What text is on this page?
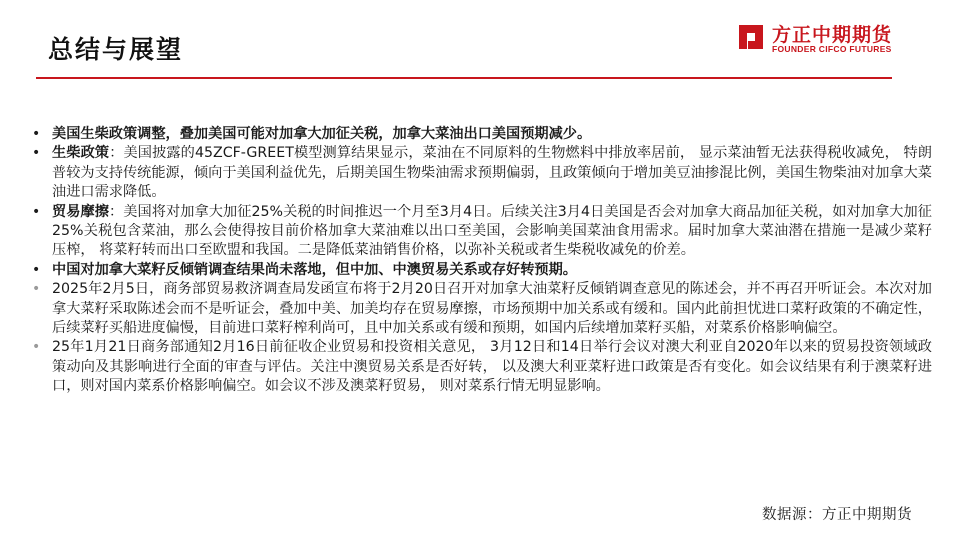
总结与展望	方正中期期货
FOUNDER CIFCO FUTURES
• 美国生柴政策调整，叠加美国可能对加拿大加征关税，加拿大菜油出口美国预期减少。
• 生柴政策：美国披露的45ZCF-GREET模型测算结果显示，菜油在不同原料的生物燃料中排放率居前， 显示菜油暂无法获得税收减免， 特朗普较为支持传统能源，倾向于美国利益优先，后期美国生物柴油需求预期偏弱，且政策倾向于增加美豆油掺混比例，美国生物柴油对加拿大菜油进口需求降低。
• 贸易摩擦：美国将对加拿大加征25%关税的时间推迟一个月至3月4日。后续关注3月4日美国是否会对加拿大商品加征关税，如对加拿大加征25%关税包含菜油，那么会使得按目前价格加拿大菜油难以出口至美国，会影响美国菜油食用需求。届时加拿大菜油潜在措施一是减少菜籽压榨， 将菜籽转而出口至欧盟和我国。二是降低菜油销售价格，以弥补关税或者生柴税收减免的价差。
• 中国对加拿大菜籽反倾销调查结果尚未落地，但中加、中澳贸易关系或存好转预期。
• 2025年2月5日，商务部贸易救济调查局发函宣布将于2月20日召开对加拿大油菜籽反倾销调查意见的陈述会，并不再召开听证会。本次对加拿大菜籽采取陈述会而不是听证会，叠加中美、加美均存在贸易摩擦，市场预期中加关系或有缓和。国内此前担忧进口菜籽政策的不确定性， 后续菜籽买船进度偏慢，目前进口菜籽榨利尚可，且中加关系或有缓和预期，如国内后续增加菜籽买船，对菜系价格影响偏空。
• 25年1月21日商务部通知2月16日前征收企业贸易和投资相关意见， 3月12日和14日举行会议对澳大利亚自2020年以来的贸易投资领域政策动向及其影响进行全面的审查与评估。关注中澳贸易关系是否好转， 以及澳大利亚菜籽进口政策是否有变化。如会议结果有利于澳菜籽进口，则对国内菜系价格影响偏空。如会议不涉及澳菜籽贸易， 则对菜系行情无明显影响。
数据源：方正中期期货
